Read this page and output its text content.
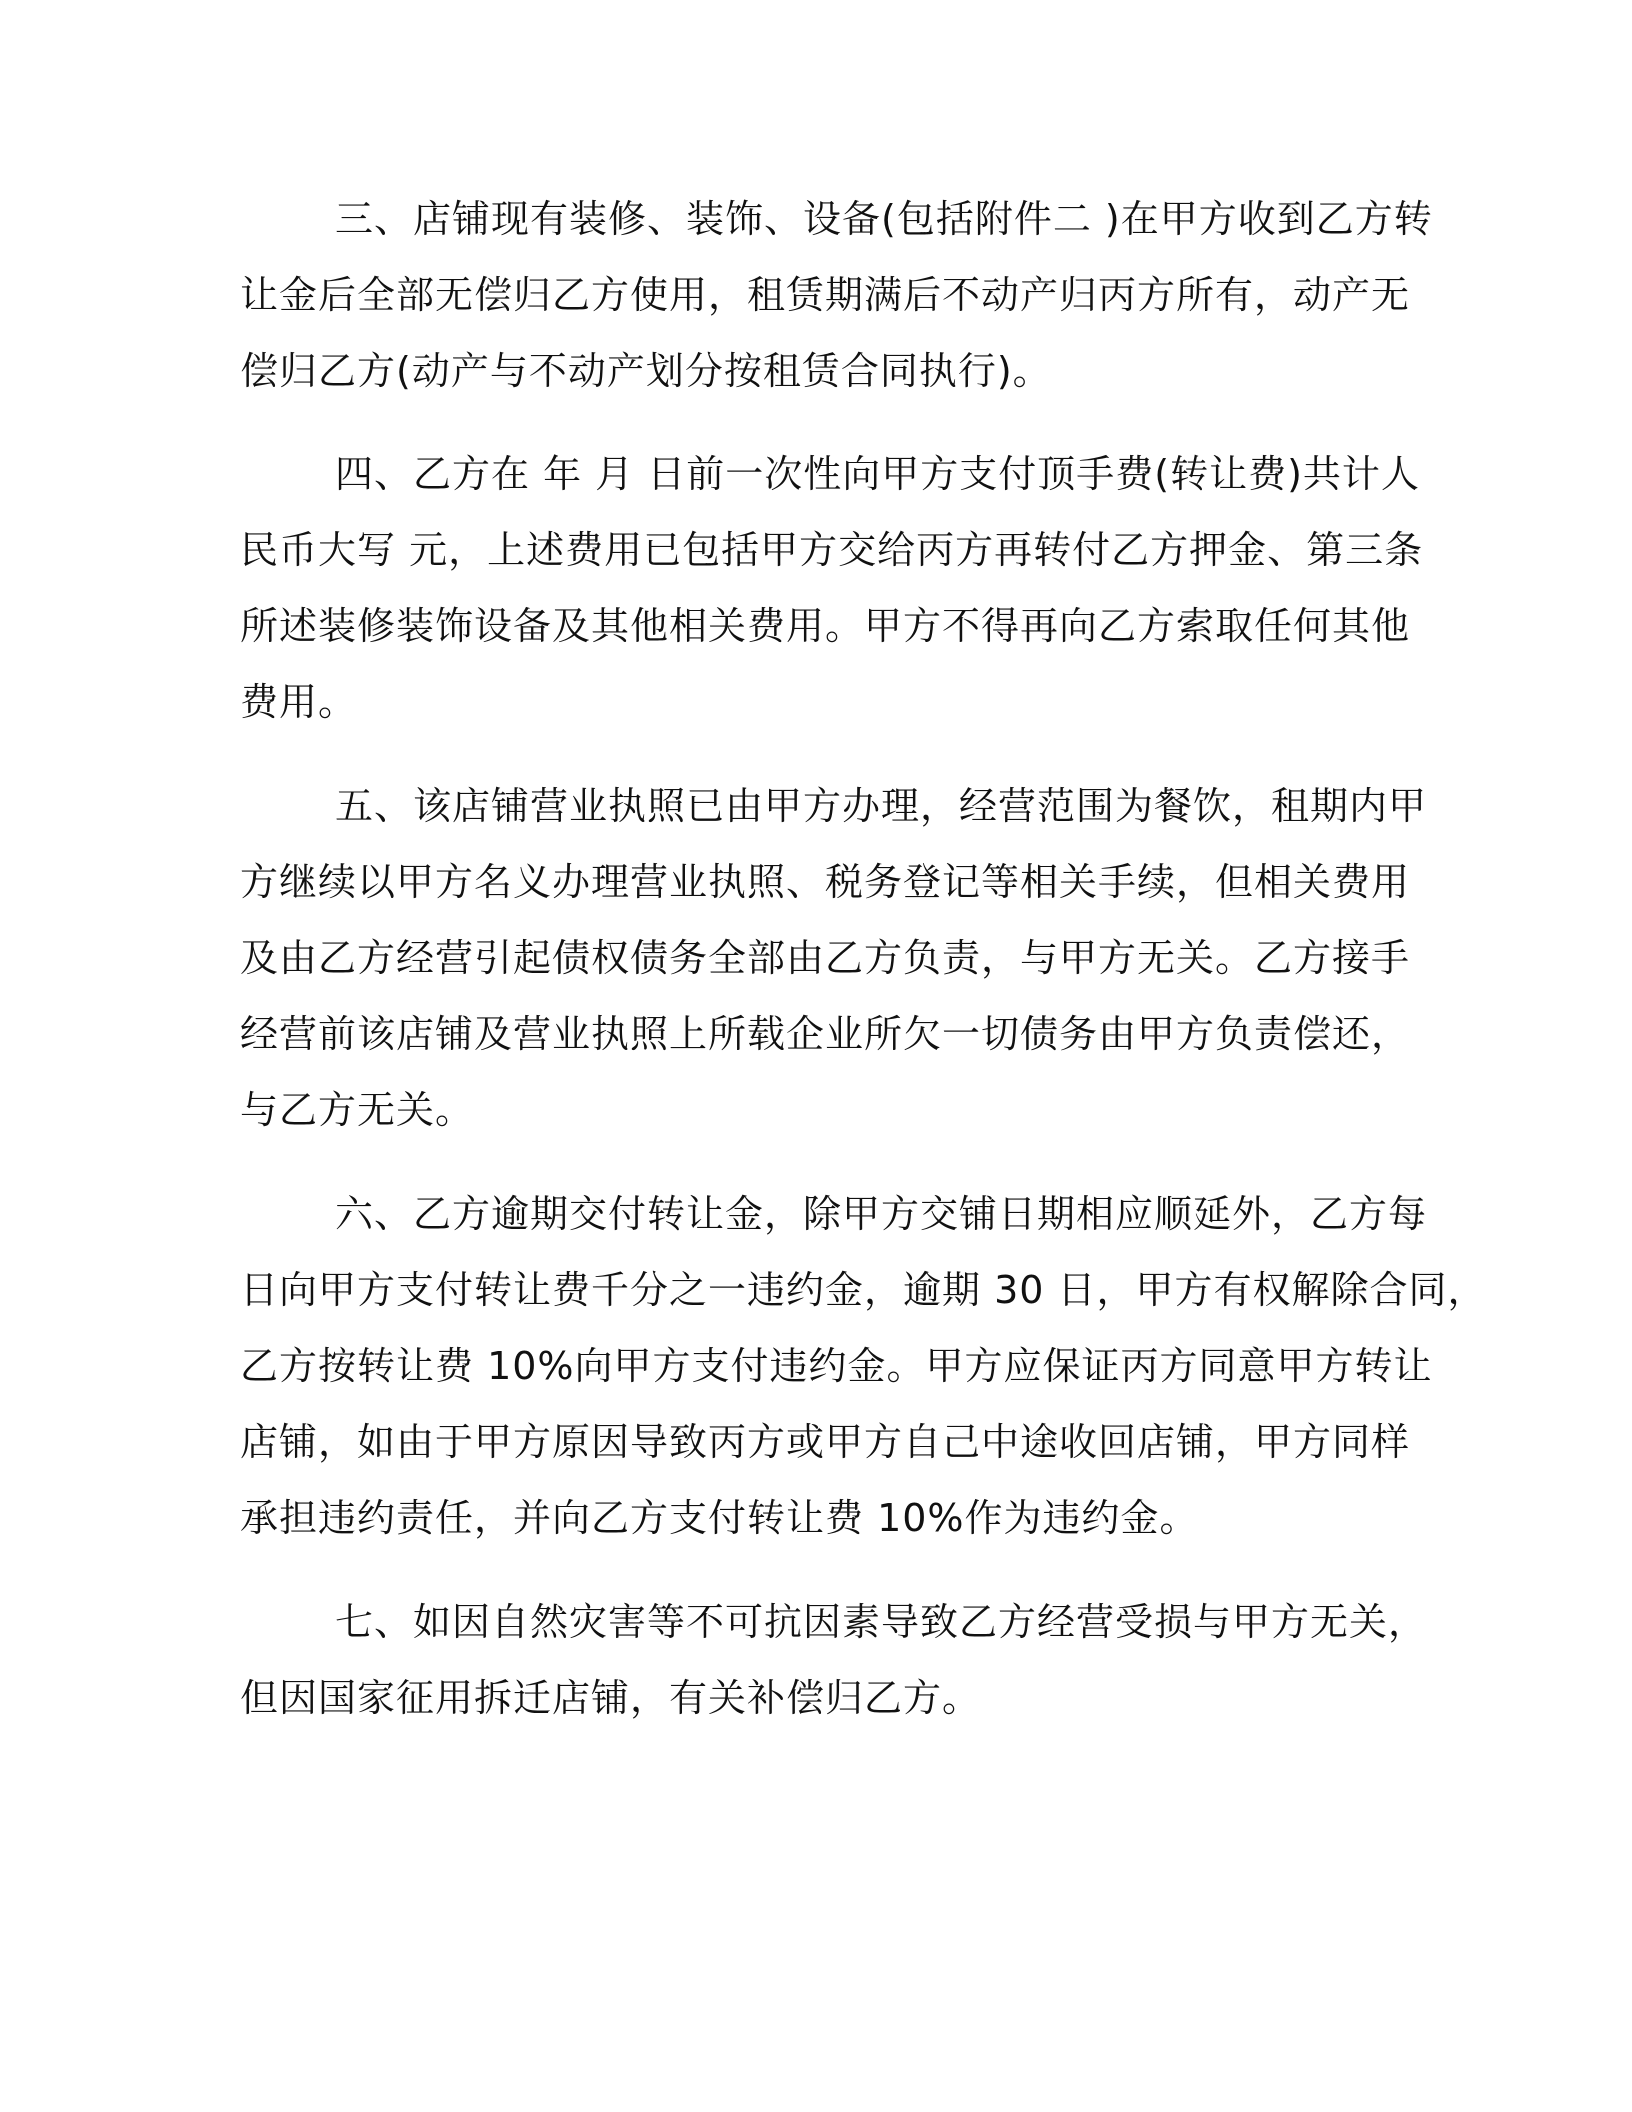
三、店铺现有装修、装饰、设备(包括附件二 )在甲方收到乙方转
让金后全部无偿归乙方使用，租赁期满后不动产归丙方所有，动产无
偿归乙方(动产与不动产划分按租赁合同执行)。
四、乙方在 年 月 日前一次性向甲方支付顶手费(转让费)共计人
民币大写 元，上述费用已包括甲方交给丙方再转付乙方押金、第三条
所述装修装饰设备及其他相关费用。甲方不得再向乙方索取任何其他
费用。
五、该店铺营业执照已由甲方办理，经营范围为餐饮，租期内甲
方继续以甲方名义办理营业执照、税务登记等相关手续，但相关费用
及由乙方经营引起债权债务全部由乙方负责，与甲方无关。乙方接手
经营前该店铺及营业执照上所载企业所欠一切债务由甲方负责偿还，
与乙方无关。
六、乙方逾期交付转让金，除甲方交铺日期相应顺延外，乙方每
日向甲方支付转让费千分之一违约金，逾期 30 日，甲方有权解除合同，
乙方按转让费 10%向甲方支付违约金。甲方应保证丙方同意甲方转让
店铺，如由于甲方原因导致丙方或甲方自己中途收回店铺，甲方同样
承担违约责任，并向乙方支付转让费 10%作为违约金。
七、如因自然灾害等不可抗因素导致乙方经营受损与甲方无关，
但因国家征用拆迁店铺，有关补偿归乙方。
